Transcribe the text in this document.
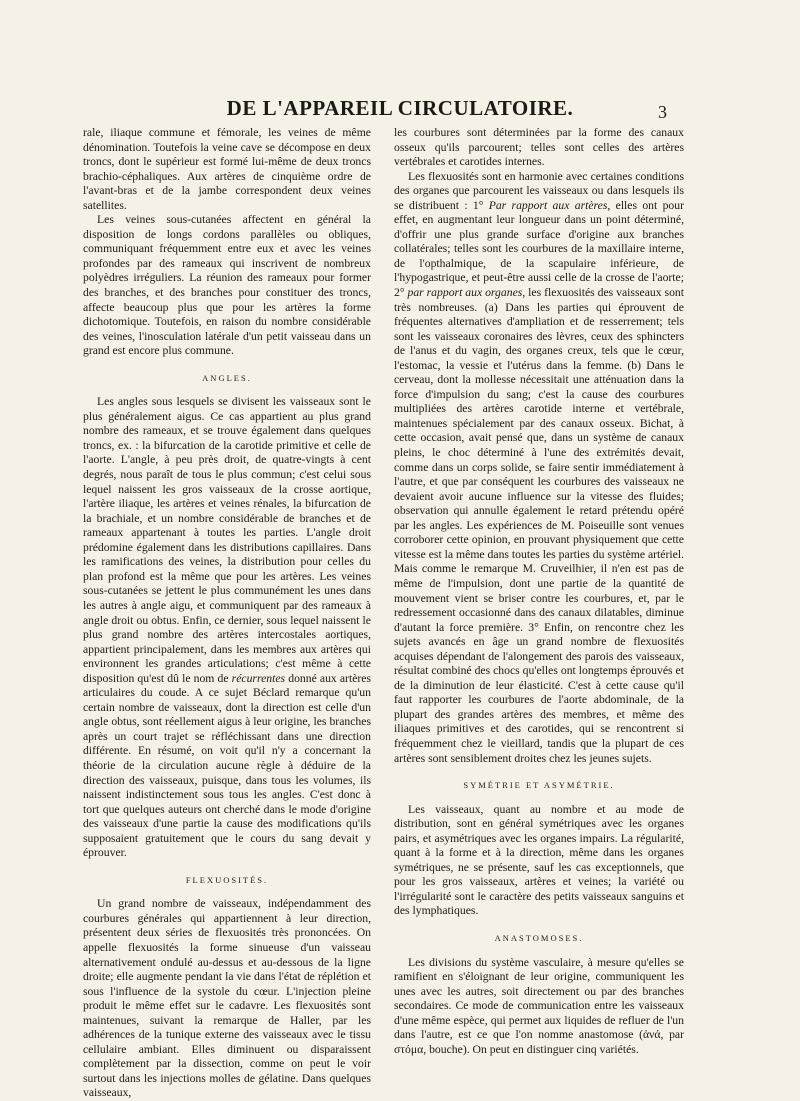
DE L'APPAREIL CIRCULATOIRE.	3

rale, iliaque commune et fémorale, les veines de même dénomination. Toutefois la veine cave se décompose en deux troncs, dont le supérieur est formé lui-même de deux troncs brachio-céphaliques. Aux artères de cinquième ordre de l'avant-bras et de la jambe correspondent deux veines satellites.

Les veines sous-cutanées affectent en général la disposition de longs cordons parallèles ou obliques, communiquant fréquemment entre eux et avec les veines profondes par des rameaux qui inscrivent de nombreux polyèdres irréguliers. La réunion des rameaux pour former des branches, et des branches pour constituer des troncs, affecte beaucoup plus que pour les artères la forme dichotomique. Toutefois, en raison du nombre considérable des veines, l'inosculation latérale d'un petit vaisseau dans un grand est encore plus commune.

ANGLES.

Les angles sous lesquels se divisent les vaisseaux sont le plus généralement aigus. Ce cas appartient au plus grand nombre des rameaux, et se trouve également dans quelques troncs, ex. : la bifurcation de la carotide primitive et celle de l'aorte. L'angle, à peu près droit, de quatre-vingts à cent degrés, nous paraît de tous le plus commun; c'est celui sous lequel naissent les gros vaisseaux de la crosse aortique, l'artère iliaque, les artères et veines rénales, la bifurcation de la brachiale, et un nombre considérable de branches et de rameaux appartenant à toutes les parties. L'angle droit prédomine également dans les distributions capillaires. Dans les ramifications des veines, la distribution pour celles du plan profond est la même que pour les artères. Les veines sous-cutanées se jettent le plus communément les unes dans les autres à angle aigu, et communiquent par des rameaux à angle droit ou obtus. Enfin, ce dernier, sous lequel naissent le plus grand nombre des artères intercostales aortiques, appartient principalement, dans les membres aux artères qui environnent les grandes articulations; c'est même à cette disposition qu'est dû le nom de récurrentes donné aux artères articulaires du coude. A ce sujet Béclard remarque qu'un certain nombre de vaisseaux, dont la direction est celle d'un angle obtus, sont réellement aigus à leur origine, les branches après un court trajet se réfléchissant dans une direction différente. En résumé, on voit qu'il n'y a concernant la théorie de la circulation aucune règle à déduire de la direction des vaisseaux, puisque, dans tous les volumes, ils naissent indistinctement sous tous les angles. C'est donc à tort que quelques auteurs ont cherché dans le mode d'origine des vaisseaux d'une partie la cause des modifications qu'ils supposaient gratuitement que le cours du sang devait y éprouver.

FLEXUOSITÉS.

Un grand nombre de vaisseaux, indépendamment des courbures générales qui appartiennent à leur direction, présentent deux séries de flexuosités très prononcées. On appelle flexuosités la forme sinueuse d'un vaisseau alternativement ondulé au-dessus et au-dessous de la ligne droite; elle augmente pendant la vie dans l'état de réplétion et sous l'influence de la systole du cœur. L'injection pleine produit le même effet sur le cadavre. Les flexuosités sont maintenues, suivant la remarque de Haller, par les adhérences de la tunique externe des vaisseaux avec le tissu cellulaire ambiant. Elles diminuent ou disparaissent complètement par la dissection, comme on peut le voir surtout dans les injections molles de gélatine. Dans quelques vaisseaux,

les courbures sont déterminées par la forme des canaux osseux qu'ils parcourent; telles sont celles des artères vertébrales et carotides internes.

Les flexuosités sont en harmonie avec certaines conditions des organes que parcourent les vaisseaux ou dans lesquels ils se distribuent : 1° Par rapport aux artères, elles ont pour effet, en augmentant leur longueur dans un point déterminé, d'offrir une plus grande surface d'origine aux branches collatérales; telles sont les courbures de la maxillaire interne, de l'opthalmique, de la scapulaire inférieure, de l'hypogastrique, et peut-être aussi celle de la crosse de l'aorte; 2° par rapport aux organes, les flexuosités des vaisseaux sont très nombreuses. (a) Dans les parties qui éprouvent de fréquentes alternatives d'ampliation et de resserrement; tels sont les vaisseaux coronaires des lèvres, ceux des sphincters de l'anus et du vagin, des organes creux, tels que le cœur, l'estomac, la vessie et l'utérus dans la femme. (b) Dans le cerveau, dont la mollesse nécessitait une atténuation dans la force d'impulsion du sang; c'est la cause des courbures multipliées des artères carotide interne et vertébrale, maintenues spécialement par des canaux osseux. Bichat, à cette occasion, avait pensé que, dans un système de canaux pleins, le choc déterminé à l'une des extrémités devait, comme dans un corps solide, se faire sentir immédiatement à l'autre, et que par conséquent les courbures des vaisseaux ne devaient avoir aucune influence sur la vitesse des fluides; observation qui annulle également le retard prétendu opéré par les angles. Les expériences de M. Poiseuille sont venues corroborer cette opinion, en prouvant physiquement que cette vitesse est la même dans toutes les parties du système artériel. Mais comme le remarque M. Cruveilhier, il n'en est pas de même de l'impulsion, dont une partie de la quantité de mouvement vient se briser contre les courbures, et, par le redressement occasionné dans des canaux dilatables, diminue d'autant la force première. 3° Enfin, on rencontre chez les sujets avancés en âge un grand nombre de flexuosités acquises dépendant de l'alongement des parois des vaisseaux, résultat combiné des chocs qu'elles ont longtemps éprouvés et de la diminution de leur élasticité. C'est à cette cause qu'il faut rapporter les courbures de l'aorte abdominale, de la plupart des grandes artères des membres, et même des iliaques primitives et des carotides, qui se rencontrent si fréquemment chez le vieillard, tandis que la plupart de ces artères sont sensiblement droites chez les jeunes sujets.

SYMÉTRIE ET ASYMÉTRIE.

Les vaisseaux, quant au nombre et au mode de distribution, sont en général symétriques avec les organes pairs, et asymétriques avec les organes impairs. La régularité, quant à la forme et à la direction, même dans les organes symétriques, ne se présente, sauf les cas exceptionnels, que pour les gros vaisseaux, artères et veines; la variété ou l'irrégularité sont le caractère des petits vaisseaux sanguins et des lymphatiques.

ANASTOMOSES.

Les divisions du système vasculaire, à mesure qu'elles se ramifient en s'éloignant de leur origine, communiquent les unes avec les autres, soit directement ou par des branches secondaires. Ce mode de communication entre les vaisseaux d'une même espèce, qui permet aux liquides de refluer de l'un dans l'autre, est ce que l'on nomme anastomose (ἀνά, par στόμα, bouche). On peut en distinguer cinq variétés.
